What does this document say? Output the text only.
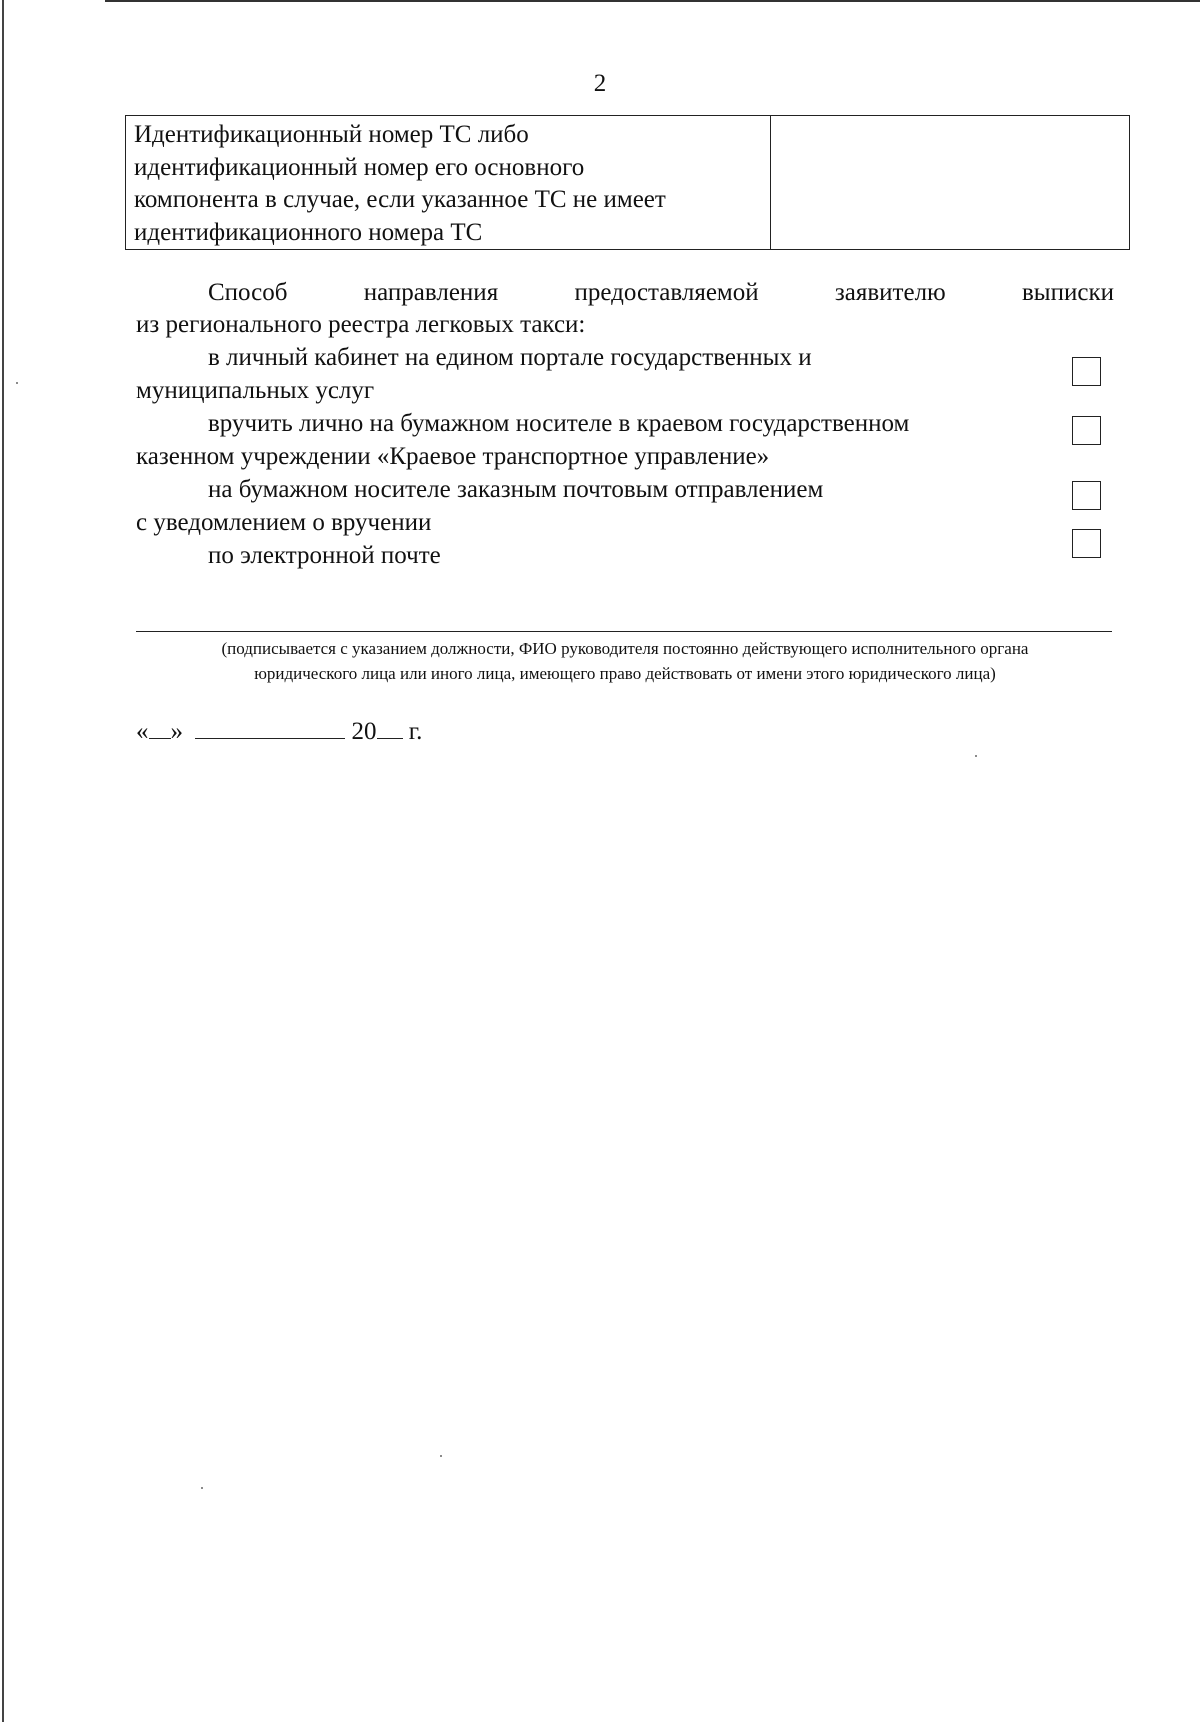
2
Идентификационный номер ТС либо
идентификационный номер его основного
компонента в случае, если указанное ТС не имеет
идентификационного номера ТС

Способ	направления	предоставляемой	заявителю	выписки
из регионального реестра легковых такси:
в личный кабинет на едином портале государственных и
муниципальных услуг
вручить лично на бумажном носителе в краевом государственном
казенном учреждении «Краевое транспортное управление»
на бумажном носителе заказным почтовым отправлением
с уведомлением о вручении
по электронной почте
(подписывается с указанием должности, ФИО руководителя постоянно действующего исполнительного органа
юридического лица или иного лица, имеющего право действовать от имени этого юридического лица)
« »	20 г.
